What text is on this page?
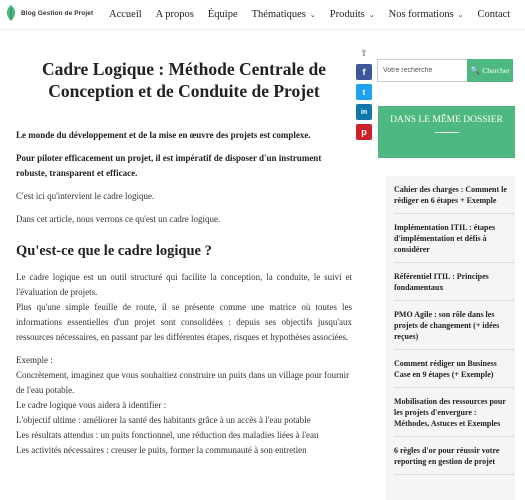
Blog Gestion de Projet Accueil A propos Équipe Thématiques ⌄ Produits ⌄ Nos formations ⌄ Contact
⇪
f
t
in
p
Cadre Logique : Méthode Centrale de Conception et de Conduite de Projet

Le monde du développement et de la mise en œuvre des projets est complexe.

Pour piloter efficacement un projet, il est impératif de disposer d'un instrument robuste, transparent et efficace.

C'est ici qu'intervient le cadre logique.

Dans cet article, nous verrons ce qu'est un cadre logique.

Qu'est-ce que le cadre logique ?

Le cadre logique est un outil structuré qui facilite la conception, la conduite, le suivi et l'évaluation de projets.

Plus qu'une simple feuille de route, il se présente comme une matrice où toutes les informations essentielles d'un projet sont consolidées : depuis ses objectifs jusqu'aux ressources nécessaires, en passant par les différentes étapes, risques et hypothèses associées.

Exemple :

Concrètement, imaginez que vous souhaitiez construire un puits dans un village pour fournir de l'eau potable.

Le cadre logique vous aidera à identifier :

L'objectif ultime : améliorer la santé des habitants grâce à un accès à l'eau potable

Les résultats attendus : un puits fonctionnel, une réduction des maladies liées à l'eau

Les activités nécessaires : creuser le puits, former la communauté à son entretien

Votre recherche
🔍 Chercher
DANS LE MÊME DOSSIER
Cahier des charges : Comment le rédiger en 6 étapes + Exemple
Implémentation ITIL : étapes d'implémentation et défis à considérer
Référentiel ITIL : Principes fondamentaux
PMO Agile : son rôle dans les projets de changement (+ idées reçues)
Comment rédiger un Business Case en 9 étapes (+ Exemple)
Mobilisation des ressources pour les projets d'envergure : Méthodes, Astuces et Exemples
6 règles d'or pour réussir votre reporting en gestion de projet
